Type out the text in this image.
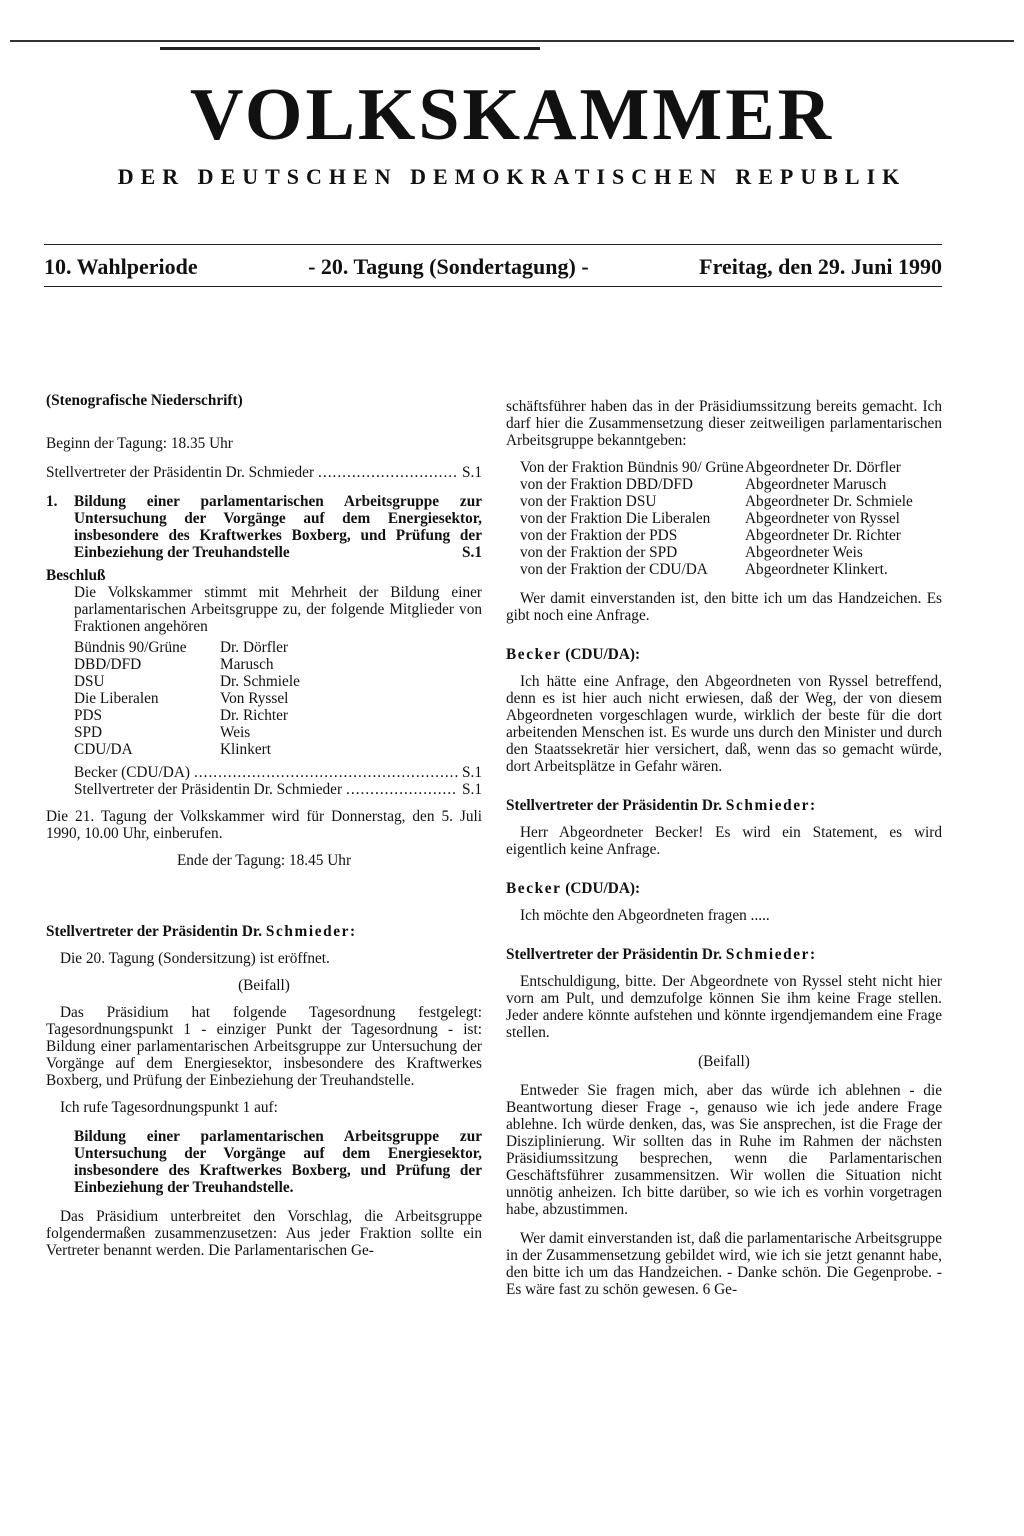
VOLKSKAMMER
DER DEUTSCHEN DEMOKRATISCHEN REPUBLIK
10. Wahlperiode	- 20. Tagung (Sondertagung) -	Freitag, den 29. Juni 1990

(Stenografische Niederschrift)

Beginn der Tagung: 18.35 Uhr

Stellvertreter der Präsidentin Dr. Schmieder .....	S.1
1.	Bildung einer parlamentarischen Arbeitsgruppe zur Untersuchung der Vorgänge auf dem Energiesektor, insbesondere des Kraftwerkes Boxberg, und Prüfung der Einbeziehung der Treuhandstelle	S.1

Beschluß

Die Volkskammer stimmt mit Mehrheit der Bildung einer parlamentarischen Arbeitsgruppe zu, der folgende Mitglieder von Fraktionen angehören

Bündnis 90/Grüne	Dr. Dörfler
DBD/DFD	Marusch
DSU	Dr. Schmiele
Die Liberalen	Von Ryssel
PDS	Dr. Richter
SPD	Weis
CDU/DA	Klinkert
Becker (CDU/DA) .....	S.1
Stellvertreter der Präsidentin Dr. Schmieder .....	S.1

Die 21. Tagung der Volkskammer wird für Donnerstag, den 5. Juli 1990, 10.00 Uhr, einberufen.

Ende der Tagung: 18.45 Uhr

Stellvertreter der Präsidentin Dr. Schmieder:

Die 20. Tagung (Sondersitzung) ist eröffnet.

(Beifall)

Das Präsidium hat folgende Tagesordnung festgelegt: Tagesordnungspunkt 1 - einziger Punkt der Tagesordnung - ist: Bildung einer parlamentarischen Arbeitsgruppe zur Untersuchung der Vorgänge auf dem Energiesektor, insbesondere des Kraftwerkes Boxberg, und Prüfung der Einbeziehung der Treuhandstelle.

Ich rufe Tagesordnungspunkt 1 auf:

Bildung einer parlamentarischen Arbeitsgruppe zur Untersuchung der Vorgänge auf dem Energiesektor, insbesondere des Kraftwerkes Boxberg, und Prüfung der Einbeziehung der Treuhandstelle.

Das Präsidium unterbreitet den Vorschlag, die Arbeitsgruppe folgendermaßen zusammenzusetzen: Aus jeder Fraktion sollte ein Vertreter benannt werden. Die Parlamentarischen Ge-

schäftsführer haben das in der Präsidiumssitzung bereits gemacht. Ich darf hier die Zusammensetzung dieser zeitweiligen parlamentarischen Arbeitsgruppe bekanntgeben:

Von der Fraktion Bündnis 90/ Grüne Abgeordneter Dr. Dörfler
von der Fraktion DBD/DFD	Abgeordneter Marusch
von der Fraktion DSU	Abgeordneter Dr. Schmiele
von der Fraktion Die Liberalen	Abgeordneter von Ryssel
von der Fraktion der PDS	Abgeordneter Dr. Richter
von der Fraktion der SPD	Abgeordneter Weis
von der Fraktion der CDU/DA	Abgeordneter Klinkert.

Wer damit einverstanden ist, den bitte ich um das Handzeichen. Es gibt noch eine Anfrage.

Becker (CDU/DA):

Ich hätte eine Anfrage, den Abgeordneten von Ryssel betreffend, denn es ist hier auch nicht erwiesen, daß der Weg, der von diesem Abgeordneten vorgeschlagen wurde, wirklich der beste für die dort arbeitenden Menschen ist. Es wurde uns durch den Minister und durch den Staatssekretär hier versichert, daß, wenn das so gemacht würde, dort Arbeitsplätze in Gefahr wären.

Stellvertreter der Präsidentin Dr. Schmieder:

Herr Abgeordneter Becker! Es wird ein Statement, es wird eigentlich keine Anfrage.

Becker (CDU/DA):

Ich möchte den Abgeordneten fragen .....

Stellvertreter der Präsidentin Dr. Schmieder:

Entschuldigung, bitte. Der Abgeordnete von Ryssel steht nicht hier vorn am Pult, und demzufolge können Sie ihm keine Frage stellen. Jeder andere könnte aufstehen und könnte irgendjemandem eine Frage stellen.

(Beifall)

Entweder Sie fragen mich, aber das würde ich ablehnen - die Beantwortung dieser Frage -, genauso wie ich jede andere Frage ablehne. Ich würde denken, das, was Sie ansprechen, ist die Frage der Disziplinierung. Wir sollten das in Ruhe im Rahmen der nächsten Präsidiumssitzung besprechen, wenn die Parlamentarischen Geschäftsführer zusammensitzen. Wir wollen die Situation nicht unnötig anheizen. Ich bitte darüber, so wie ich es vorhin vorgetragen habe, abzustimmen.

Wer damit einverstanden ist, daß die parlamentarische Arbeitsgruppe in der Zusammensetzung gebildet wird, wie ich sie jetzt genannt habe, den bitte ich um das Handzeichen. - Danke schön. Die Gegenprobe. - Es wäre fast zu schön gewesen. 6 Ge-
